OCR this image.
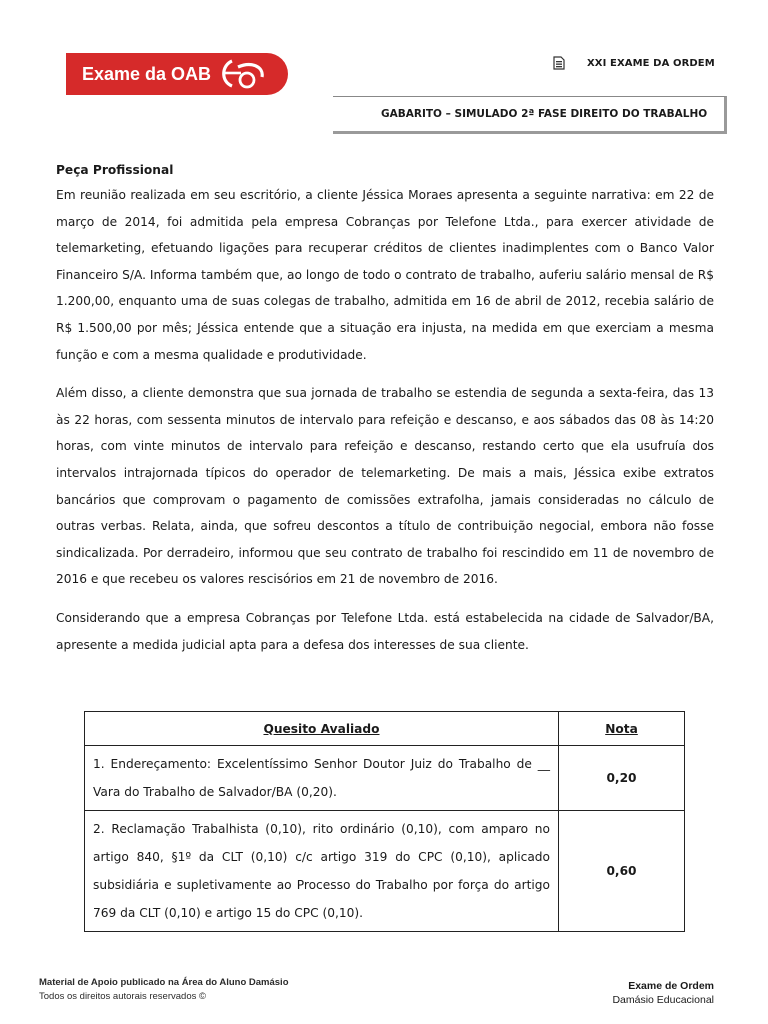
Exame da OAB
XXI EXAME DA ORDEM
GABARITO – SIMULADO 2ª FASE DIREITO DO TRABALHO
Peça Profissional

Em reunião realizada em seu escritório, a cliente Jéssica Moraes apresenta a seguinte narrativa: em 22 de março de 2014, foi admitida pela empresa Cobranças por Telefone Ltda., para exercer atividade de telemarketing, efetuando ligações para recuperar créditos de clientes inadimplentes com o Banco Valor Financeiro S/A. Informa também que, ao longo de todo o contrato de trabalho, auferiu salário mensal de R$ 1.200,00, enquanto uma de suas colegas de trabalho, admitida em 16 de abril de 2012, recebia salário de R$ 1.500,00 por mês; Jéssica entende que a situação era injusta, na medida em que exerciam a mesma função e com a mesma qualidade e produtividade.

Além disso, a cliente demonstra que sua jornada de trabalho se estendia de segunda a sexta-feira, das 13 às 22 horas, com sessenta minutos de intervalo para refeição e descanso, e aos sábados das 08 às 14:20 horas, com vinte minutos de intervalo para refeição e descanso, restando certo que ela usufruía dos intervalos intrajornada típicos do operador de telemarketing. De mais a mais, Jéssica exibe extratos bancários que comprovam o pagamento de comissões extrafolha, jamais consideradas no cálculo de outras verbas. Relata, ainda, que sofreu descontos a título de contribuição negocial, embora não fosse sindicalizada. Por derradeiro, informou que seu contrato de trabalho foi rescindido em 11 de novembro de 2016 e que recebeu os valores rescisórios em 21 de novembro de 2016.

Considerando que a empresa Cobranças por Telefone Ltda. está estabelecida na cidade de Salvador/BA, apresente a medida judicial apta para a defesa dos interesses de sua cliente.

Quesito Avaliado	Nota
1. Endereçamento: Excelentíssimo Senhor Doutor Juiz do Trabalho de __ Vara do Trabalho de Salvador/BA (0,20).	0,20
2. Reclamação Trabalhista (0,10), rito ordinário (0,10), com amparo no artigo 840, §1º da CLT (0,10) c/c artigo 319 do CPC (0,10), aplicado subsidiária e supletivamente ao Processo do Trabalho por força do artigo 769 da CLT (0,10) e artigo 15 do CPC (0,10).	0,60
Material de Apoio publicado na Área do Aluno Damásio
Todos os direitos autorais reservados ©
Exame de Ordem
Damásio Educacional
